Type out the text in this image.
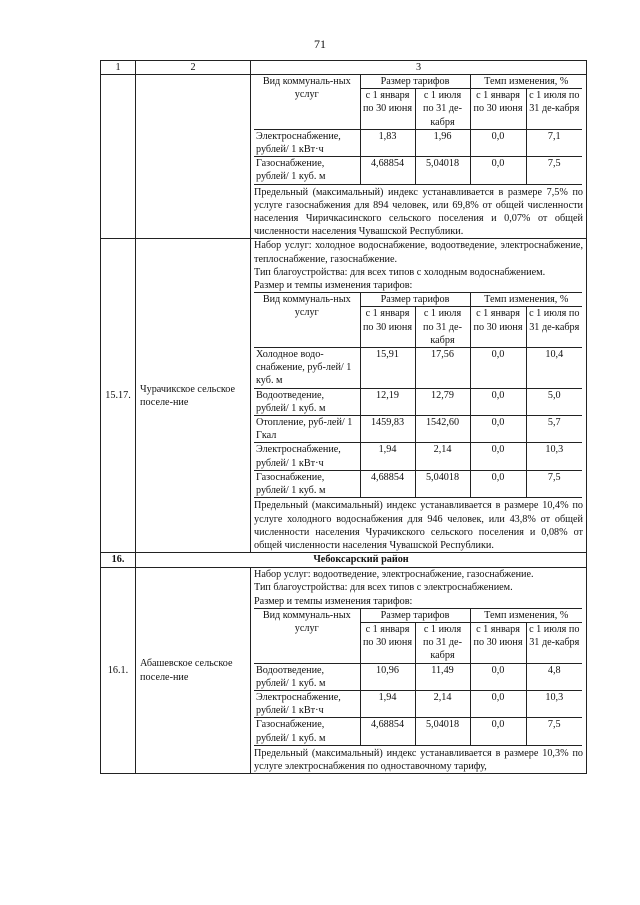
71
1	2	3

Вид коммуналь-ных услуг	Размер тарифов	Темп изменения, %
с 1 января по 30 июня	с 1 июля по 31 де-кабря	с 1 января по 30 июня	с 1 июля по 31 де-кабря
Электроснабжение, рублей/ 1 кВт·ч	1,83	1,96	0,0	7,1
Газоснабжение, рублей/ 1 куб. м	4,68854	5,04018	0,0	7,5
Предельный (максимальный) индекс устанавливается в размере 7,5% по услуге газоснабжения для 894 человек, или 69,8% от общей численности населения Чиричкасинского сельского поселения и 0,07% от общей численности населения Чувашской Республики.

15.17.	Чурачикское сельское поселе-ние	
Набор услуг: холодное водоснабжение, водоотведение, электроснабжение, теплоснабжение, газоснабжение.
Тип благоустройства: для всех типов с холодным водоснабжением.
Размер и темпы изменения тарифов:
Вид коммуналь-ных услуг	Размер тарифов	Темп изменения, %
с 1 января по 30 июня	с 1 июля по 31 де-кабря	с 1 января по 30 июня	с 1 июля по 31 де-кабря
Холодное водо-снабжение, руб-лей/ 1 куб. м	15,91	17,56	0,0	10,4
Водоотведение, рублей/ 1 куб. м	12,19	12,79	0,0	5,0
Отопление, руб-лей/ 1 Гкал	1459,83	1542,60	0,0	5,7
Электроснабжение, рублей/ 1 кВт·ч	1,94	2,14	0,0	10,3
Газоснабжение, рублей/ 1 куб. м	4,68854	5,04018	0,0	7,5
Предельный (максимальный) индекс устанавливается в размере 10,4% по услуге холодного водоснабжения для 946 человек, или 43,8% от общей численности населения Чурачикского сельского поселения и 0,08% от общей численности населения Чувашской Республики.

16.	Чебоксарский район
16.1.	Абашевское сельское поселе-ние	
Набор услуг: водоотведение, электроснабжение, газоснабжение.
Тип благоустройства: для всех типов с электроснабжением.
Размер и темпы изменения тарифов:
Вид коммуналь-ных услуг	Размер тарифов	Темп изменения, %
с 1 января по 30 июня	с 1 июля по 31 де-кабря	с 1 января по 30 июня	с 1 июля по 31 де-кабря
Водоотведение, рублей/ 1 куб. м	10,96	11,49	0,0	4,8
Электроснабжение, рублей/ 1 кВт·ч	1,94	2,14	0,0	10,3
Газоснабжение, рублей/ 1 куб. м	4,68854	5,04018	0,0	7,5
Предельный (максимальный) индекс устанавливается в размере 10,3% по услуге электроснабжения по одноставочному тарифу,
